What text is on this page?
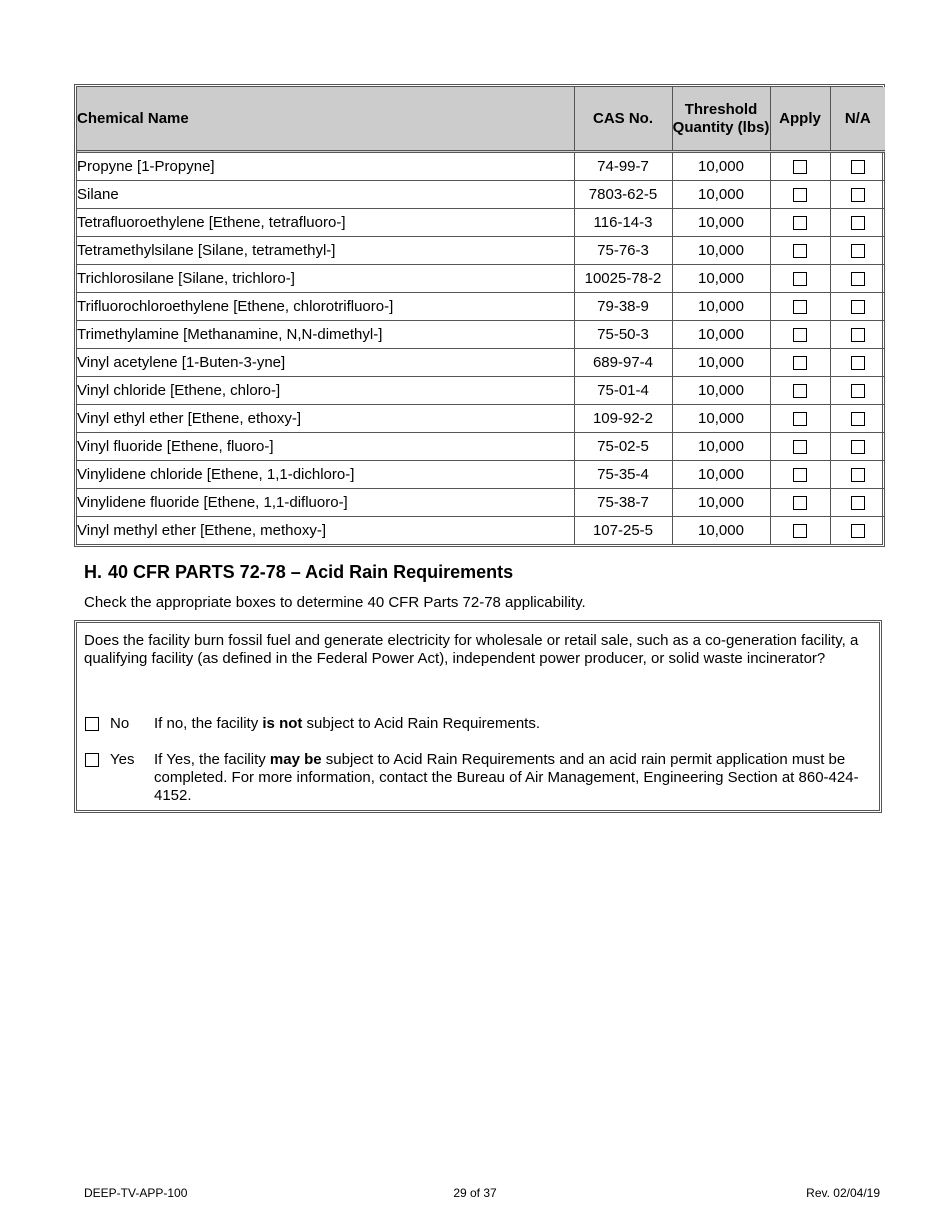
Chemical Name	CAS No.	Threshold Quantity (lbs)	Apply	N/A
Propyne [1-Propyne]	74-99-7	10,000		
Silane	7803-62-5	10,000		
Tetrafluoroethylene [Ethene, tetrafluoro-]	116-14-3	10,000		
Tetramethylsilane [Silane, tetramethyl-]	75-76-3	10,000		
Trichlorosilane [Silane, trichloro-]	10025-78-2	10,000		
Trifluorochloroethylene [Ethene, chlorotrifluoro-]	79-38-9	10,000		
Trimethylamine [Methanamine, N,N-dimethyl-]	75-50-3	10,000		
Vinyl acetylene [1-Buten-3-yne]	689-97-4	10,000		
Vinyl chloride [Ethene, chloro-]	75-01-4	10,000		
Vinyl ethyl ether [Ethene, ethoxy-]	109-92-2	10,000		
Vinyl fluoride [Ethene, fluoro-]	75-02-5	10,000		
Vinylidene chloride [Ethene, 1,1-dichloro-]	75-35-4	10,000		
Vinylidene fluoride [Ethene, 1,1-difluoro-]	75-38-7	10,000		
Vinyl methyl ether [Ethene, methoxy-]	107-25-5	10,000		
H. 40 CFR PARTS 72-78 – Acid Rain Requirements
Check the appropriate boxes to determine 40 CFR Parts 72-78 applicability.
Does the facility burn fossil fuel and generate electricity for wholesale or retail sale, such as a co-generation facility, a qualifying facility (as defined in the Federal Power Act), independent power producer, or solid waste incinerator?
No If no, the facility is not subject to Acid Rain Requirements.
Yes If Yes, the facility may be subject to Acid Rain Requirements and an acid rain permit application must be completed. For more information, contact the Bureau of Air Management, Engineering Section at 860-424-4152.
DEEP-TV-APP-100	29 of 37	Rev. 02/04/19
